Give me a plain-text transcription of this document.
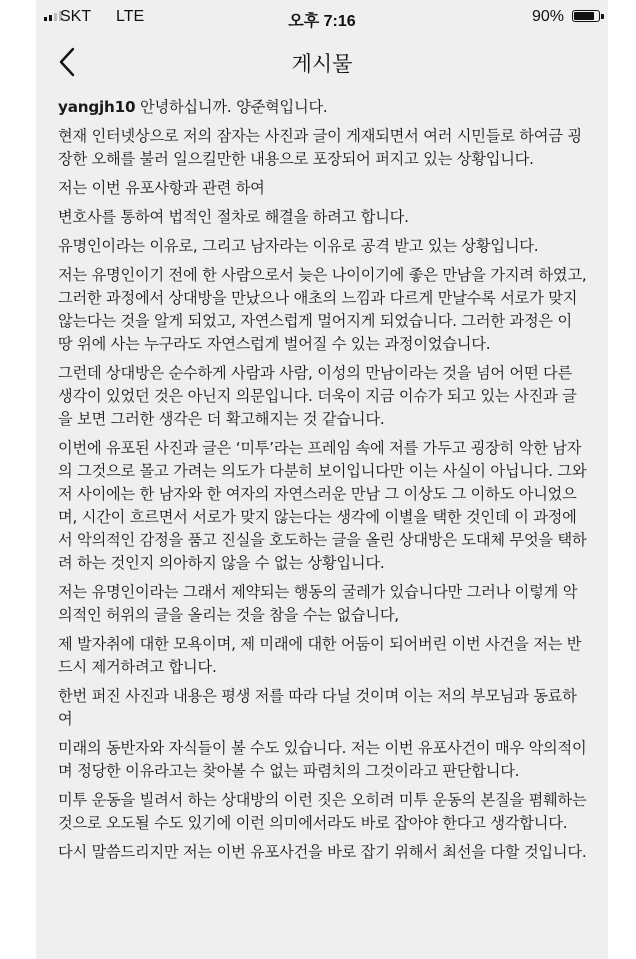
SKT LTE	오후 7:16	90%
게시물

yangjh10 안녕하십니까. 양준혁입니다.

현재 인터넷상으로 저의 잠자는 사진과 글이 게재되면서 여러 시민들로 하여금 굉장한 오해를 불러 일으킬만한 내용으로 포장되어 퍼지고 있는 상황입니다.

저는 이번 유포사항과 관련 하여

변호사를 통하여 법적인 절차로 해결을 하려고 합니다.

유명인이라는 이유로, 그리고 남자라는 이유로 공격 받고 있는 상황입니다.

저는 유명인이기 전에 한 사람으로서 늦은 나이이기에 좋은 만남을 가지려 하였고, 그러한 과정에서 상대방을 만났으나 애초의 느낌과 다르게 만날수록 서로가 맞지 않는다는 것을 알게 되었고, 자연스럽게 멀어지게 되었습니다. 그러한 과정은 이 땅 위에 사는 누구라도 자연스럽게 벌어질 수 있는 과정이었습니다.

그런데 상대방은 순수하게 사람과 사람, 이성의 만남이라는 것을 넘어 어떤 다른 생각이 있었던 것은 아닌지 의문입니다. 더욱이 지금 이슈가 되고 있는 사진과 글을 보면 그러한 생각은 더 확고해지는 것 같습니다.

이번에 유포된 사진과 글은 ‘미투’라는 프레임 속에 저를 가두고 굉장히 악한 남자의 그것으로 몰고 가려는 의도가 다분히 보이입니다만 이는 사실이 아닙니다. 그와 저 사이에는 한 남자와 한 여자의 자연스러운 만남 그 이상도 그 이하도 아니었으며, 시간이 흐르면서 서로가 맞지 않는다는 생각에 이별을 택한 것인데 이 과정에서 악의적인 감정을 품고 진실을 호도하는 글을 올린 상대방은 도대체 무엇을 택하려 하는 것인지 의아하지 않을 수 없는 상황입니다.

저는 유명인이라는 그래서 제약되는 행동의 굴레가 있습니다만 그러나 이렇게 악의적인 허위의 글을 올리는 것을 참을 수는 없습니다,

제 발자취에 대한 모욕이며, 제 미래에 대한 어둠이 되어버린 이번 사건을 저는 반드시 제거하려고 합니다.

한번 퍼진 사진과 내용은 평생 저를 따라 다닐 것이며 이는 저의 부모님과 동료하여

미래의 동반자와 자식들이 볼 수도 있습니다. 저는 이번 유포사건이 매우 악의적이며 정당한 이유라고는 찾아볼 수 없는 파렴치의 그것이라고 판단합니다.

미투 운동을 빌려서 하는 상대방의 이런 짓은 오히려 미투 운동의 본질을 폄훼하는 것으로 오도될 수도 있기에 이런 의미에서라도 바로 잡아야 한다고 생각합니다.

다시 말씀드리지만 저는 이번 유포사건을 바로 잡기 위해서 최선을 다할 것입니다.
